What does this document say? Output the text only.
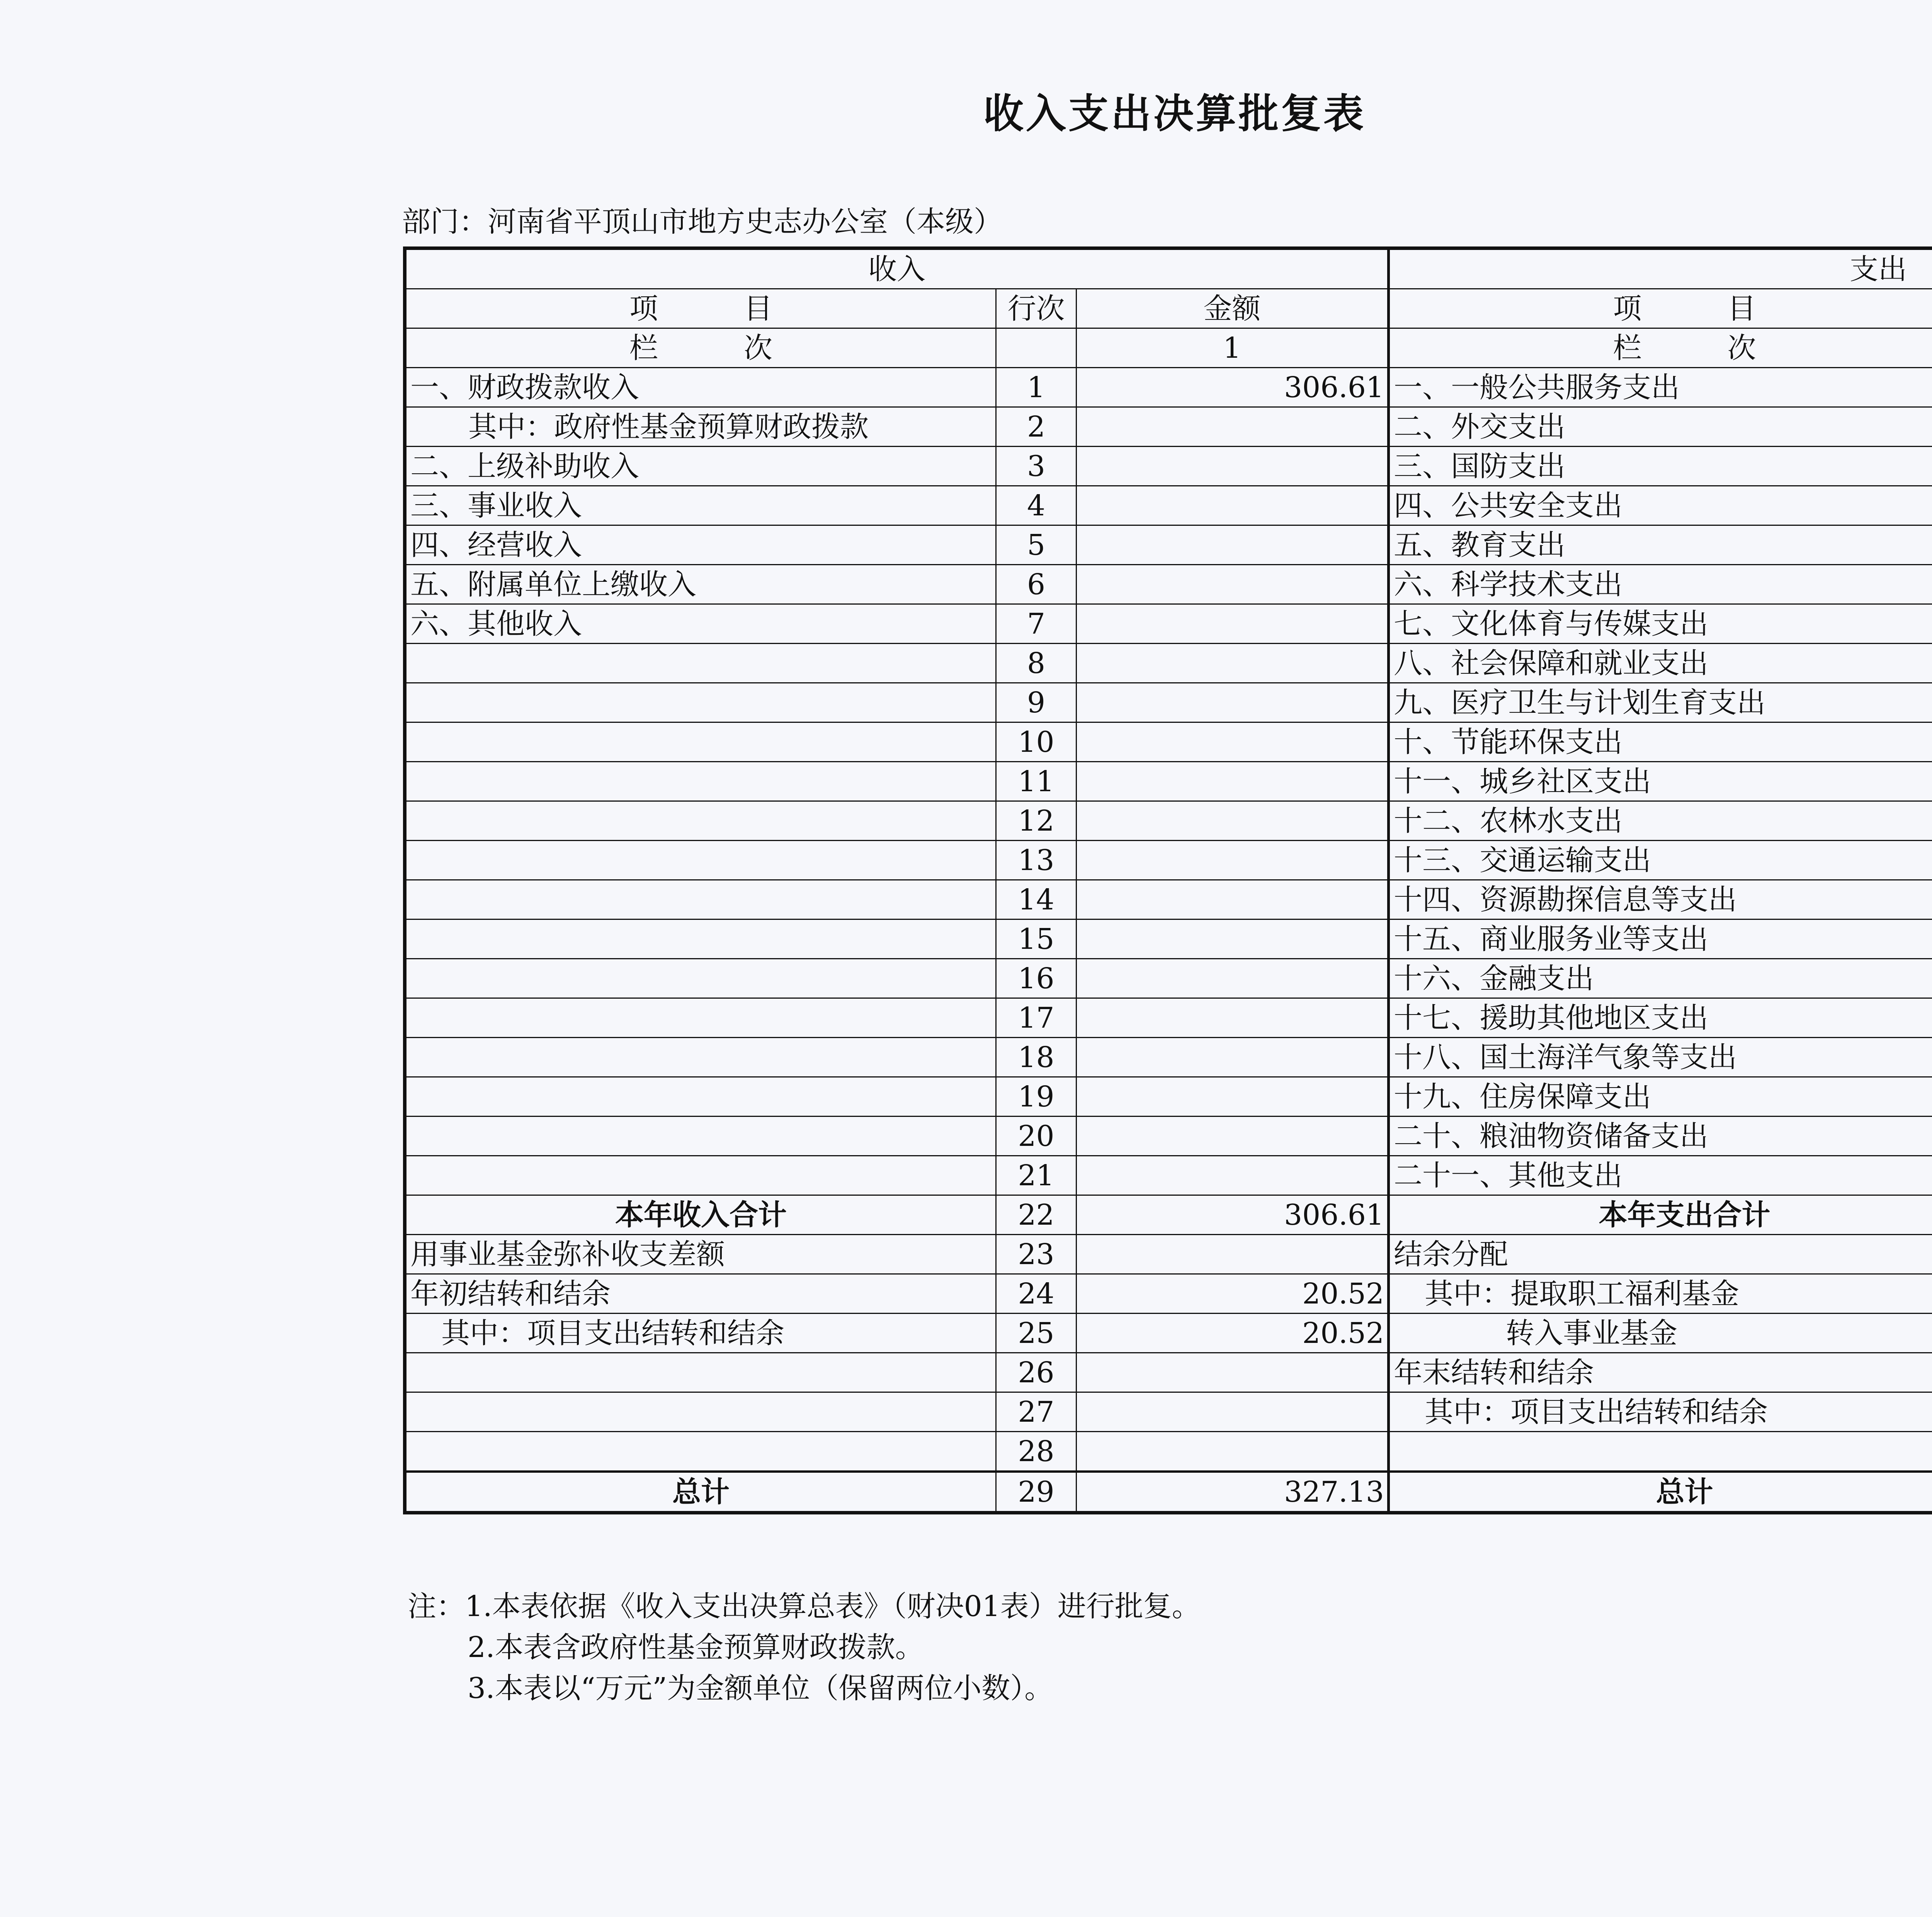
收入支出决算批复表
部门：河南省平顶山市地方史志办公室（本级）
收入			支出		
项　　　目	行次	金额	项　　　目		
栏　　　次		1	栏　　　次		
一、财政拨款收入	1	306.61	一、一般公共服务支出		
其中：政府性基金预算财政拨款	2		二、外交支出		
二、上级补助收入	3		三、国防支出		
三、事业收入	4		四、公共安全支出		
四、经营收入	5		五、教育支出		
五、附属单位上缴收入	6		六、科学技术支出		
六、其他收入	7		七、文化体育与传媒支出		
	8		八、社会保障和就业支出		
	9		九、医疗卫生与计划生育支出		
	10		十、节能环保支出		
	11		十一、城乡社区支出		
	12		十二、农林水支出		
	13		十三、交通运输支出		
	14		十四、资源勘探信息等支出		
	15		十五、商业服务业等支出		
	16		十六、金融支出		
	17		十七、援助其他地区支出		
	18		十八、国土海洋气象等支出		
	19		十九、住房保障支出		
	20		二十、粮油物资储备支出		
	21		二十一、其他支出		
本年收入合计	22	306.61	本年支出合计		
用事业基金弥补收支差额	23		结余分配		
年初结转和结余	24	20.52	其中：提取职工福利基金		
其中：项目支出结转和结余	25	20.52	转入事业基金		
	26		年末结转和结余		
	27		其中：项目支出结转和结余		
	28				
总计	29	327.13	总计		
注：1.本表依据《收入支出决算总表》（财决01表）进行批复。
2.本表含政府性基金预算财政拨款。
3.本表以“万元”为金额单位（保留两位小数）。
